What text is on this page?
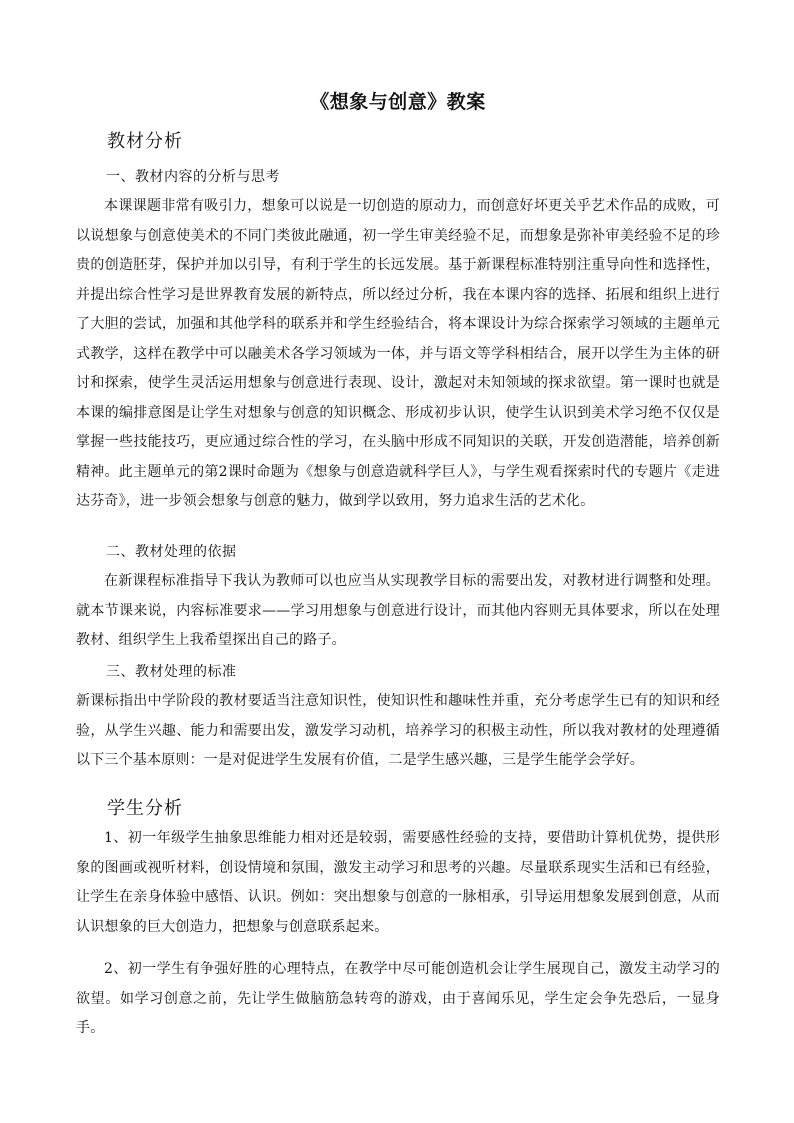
《想象与创意》教案
教材分析
一、教材内容的分析与思考
本课课题非常有吸引力，想象可以说是一切创造的原动力，而创意好坏更关乎艺术作品的成败，可以说想象与创意使美术的不同门类彼此融通，初一学生审美经验不足，而想象是弥补审美经验不足的珍贵的创造胚芽，保护并加以引导，有利于学生的长远发展。基于新课程标准特别注重导向性和选择性，并提出综合性学习是世界教育发展的新特点，所以经过分析，我在本课内容的选择、拓展和组织上进行了大胆的尝试，加强和其他学科的联系并和学生经验结合，将本课设计为综合探索学习领域的主题单元式教学，这样在教学中可以融美术各学习领域为一体，并与语文等学科相结合，展开以学生为主体的研讨和探索，使学生灵活运用想象与创意进行表现、设计，激起对未知领域的探求欲望。第一课时也就是本课的编排意图是让学生对想象与创意的知识概念、形成初步认识，使学生认识到美术学习绝不仅仅是掌握一些技能技巧，更应通过综合性的学习，在头脑中形成不同知识的关联，开发创造潜能，培养创新精神。此主题单元的第2课时命题为《想象与创意造就科学巨人》，与学生观看探索时代的专题片《走进达芬奇》，进一步领会想象与创意的魅力，做到学以致用，努力追求生活的艺术化。
二、教材处理的依据
在新课程标准指导下我认为教师可以也应当从实现教学目标的需要出发，对教材进行调整和处理。就本节课来说，内容标准要求——学习用想象与创意进行设计，而其他内容则无具体要求，所以在处理教材、组织学生上我希望探出自己的路子。
三、教材处理的标准
新课标指出中学阶段的教材要适当注意知识性，使知识性和趣味性并重，充分考虑学生已有的知识和经验，从学生兴趣、能力和需要出发，激发学习动机，培养学习的积极主动性，所以我对教材的处理遵循以下三个基本原则：一是对促进学生发展有价值，二是学生感兴趣，三是学生能学会学好。
学生分析
1、初一年级学生抽象思维能力相对还是较弱，需要感性经验的支持，要借助计算机优势，提供形象的图画或视听材料，创设情境和氛围，激发主动学习和思考的兴趣。尽量联系现实生活和已有经验，让学生在亲身体验中感悟、认识。例如：突出想象与创意的一脉相承，引导运用想象发展到创意，从而认识想象的巨大创造力，把想象与创意联系起来。
2、初一学生有争强好胜的心理特点，在教学中尽可能创造机会让学生展现自己，激发主动学习的欲望。如学习创意之前，先让学生做脑筋急转弯的游戏，由于喜闻乐见，学生定会争先恐后，一显身手。
